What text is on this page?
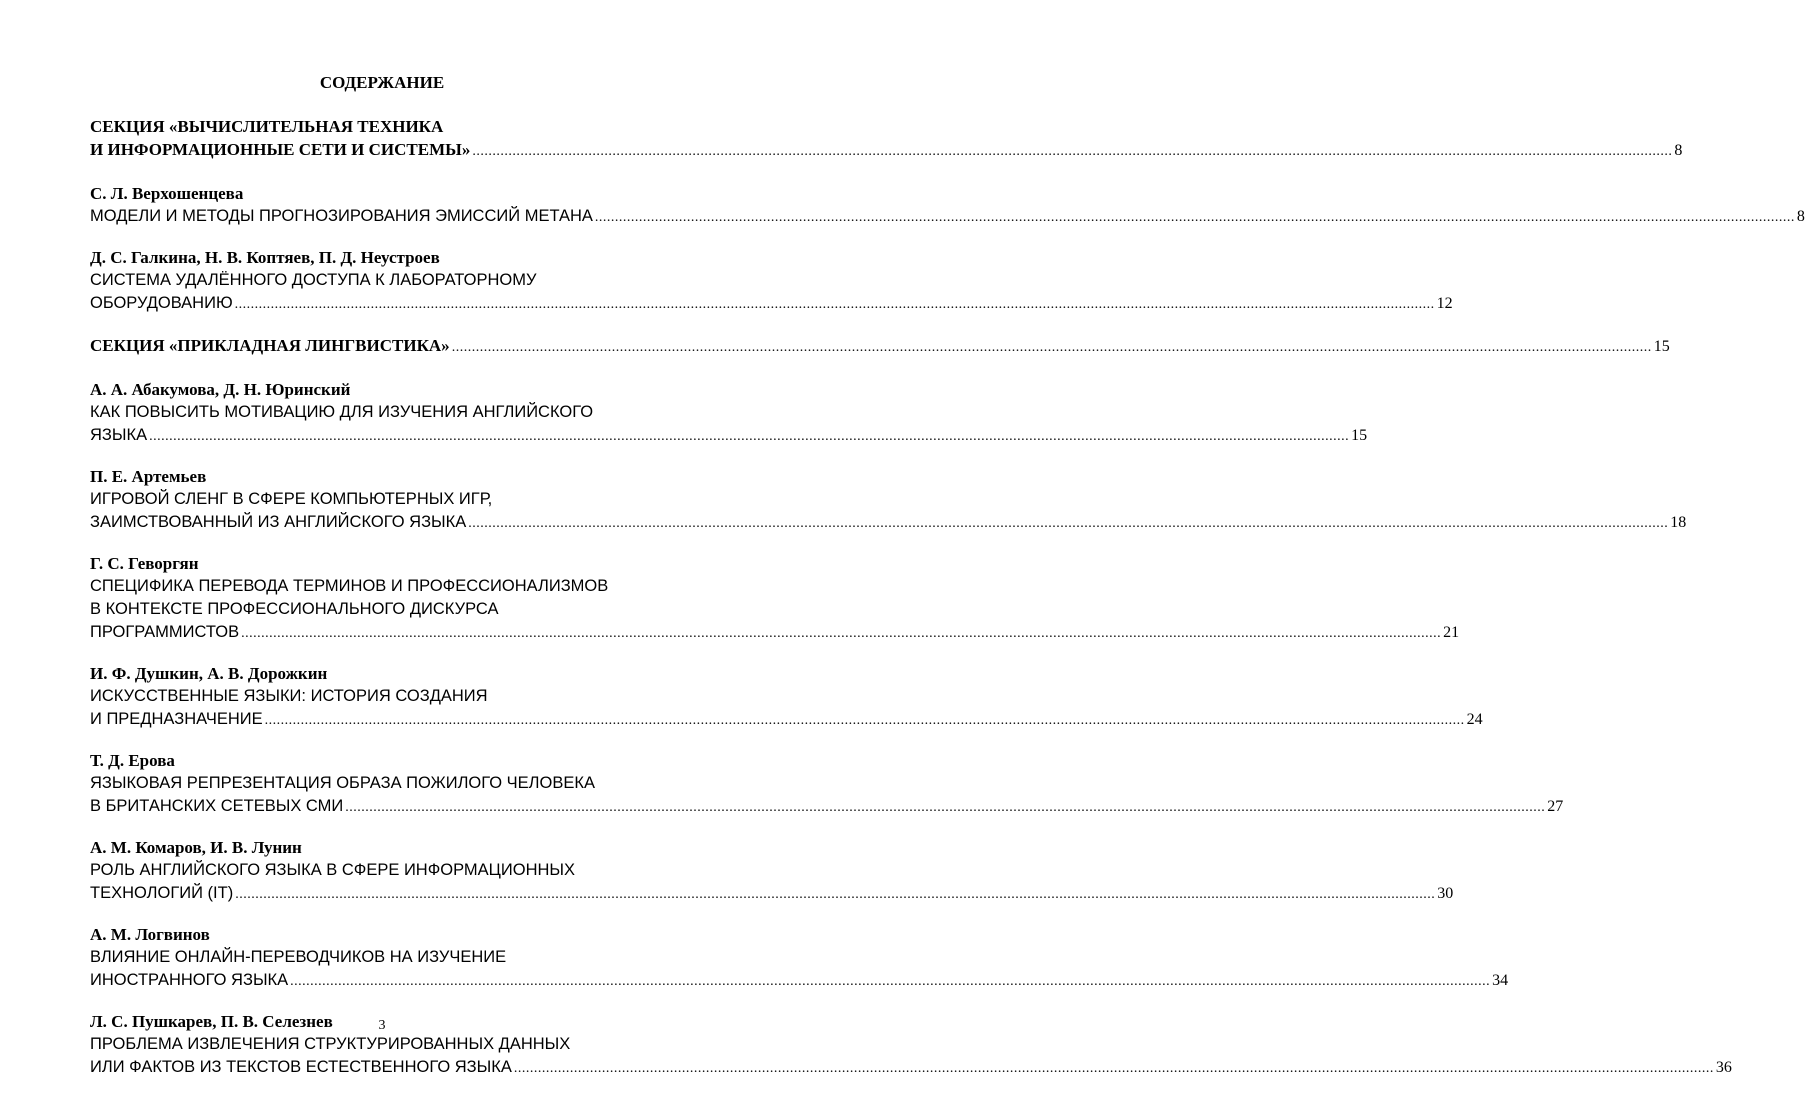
СОДЕРЖАНИЕ
СЕКЦИЯ «ВЫЧИСЛИТЕЛЬНАЯ ТЕХНИКА
И ИНФОРМАЦИОННЫЕ СЕТИ И СИСТЕМЫ» ............................................................................................................................................................................................................................................................................................................ 8
С. Л. Верхошенцева
МОДЕЛИ И МЕТОДЫ ПРОГНОЗИРОВАНИЯ ЭМИССИЙ МЕТАНА ............................................................................................................................................................................................................................................................................................................ 8
Д. С. Галкина, Н. В. Коптяев, П. Д. Неустроев
СИСТЕМА УДАЛЁННОГО ДОСТУПА К ЛАБОРАТОРНОМУ
ОБОРУДОВАНИЮ ............................................................................................................................................................................................................................................................................................................ 12
СЕКЦИЯ «ПРИКЛАДНАЯ ЛИНГВИСТИКА» ............................................................................................................................................................................................................................................................................................................ 15
А. А. Абакумова, Д. Н. Юринский
КАК ПОВЫСИТЬ МОТИВАЦИЮ ДЛЯ ИЗУЧЕНИЯ АНГЛИЙСКОГО
ЯЗЫКА ............................................................................................................................................................................................................................................................................................................ 15
П. Е. Артемьев
ИГРОВОЙ СЛЕНГ В СФЕРЕ КОМПЬЮТЕРНЫХ ИГР,
ЗАИМСТВОВАННЫЙ ИЗ АНГЛИЙСКОГО ЯЗЫКА ............................................................................................................................................................................................................................................................................................................ 18
Г. С. Геворгян
СПЕЦИФИКА ПЕРЕВОДА ТЕРМИНОВ И ПРОФЕССИОНАЛИЗМОВ
В КОНТЕКСТЕ ПРОФЕССИОНАЛЬНОГО ДИСКУРСА
ПРОГРАММИСТОВ ............................................................................................................................................................................................................................................................................................................ 21
И. Ф. Душкин, А. В. Дорожкин
ИСКУССТВЕННЫЕ ЯЗЫКИ: ИСТОРИЯ СОЗДАНИЯ
И ПРЕДНАЗНАЧЕНИЕ ............................................................................................................................................................................................................................................................................................................ 24
Т. Д. Ерова
ЯЗЫКОВАЯ РЕПРЕЗЕНТАЦИЯ ОБРАЗА ПОЖИЛОГО ЧЕЛОВЕКА
В БРИТАНСКИХ СЕТЕВЫХ СМИ ............................................................................................................................................................................................................................................................................................................ 27
А. М. Комаров, И. В. Лунин
РОЛЬ АНГЛИЙСКОГО ЯЗЫКА В СФЕРЕ ИНФОРМАЦИОННЫХ
ТЕХНОЛОГИЙ (IT) ............................................................................................................................................................................................................................................................................................................ 30
А. М. Логвинов
ВЛИЯНИЕ ОНЛАЙН-ПЕРЕВОДЧИКОВ НА ИЗУЧЕНИЕ
ИНОСТРАННОГО ЯЗЫКА ............................................................................................................................................................................................................................................................................................................ 34
Л. С. Пушкарев, П. В. Селезнев
ПРОБЛЕМА ИЗВЛЕЧЕНИЯ СТРУКТУРИРОВАННЫХ ДАННЫХ
ИЛИ ФАКТОВ ИЗ ТЕКСТОВ ЕСТЕСТВЕННОГО ЯЗЫКА ............................................................................................................................................................................................................................................................................................................ 36
3
